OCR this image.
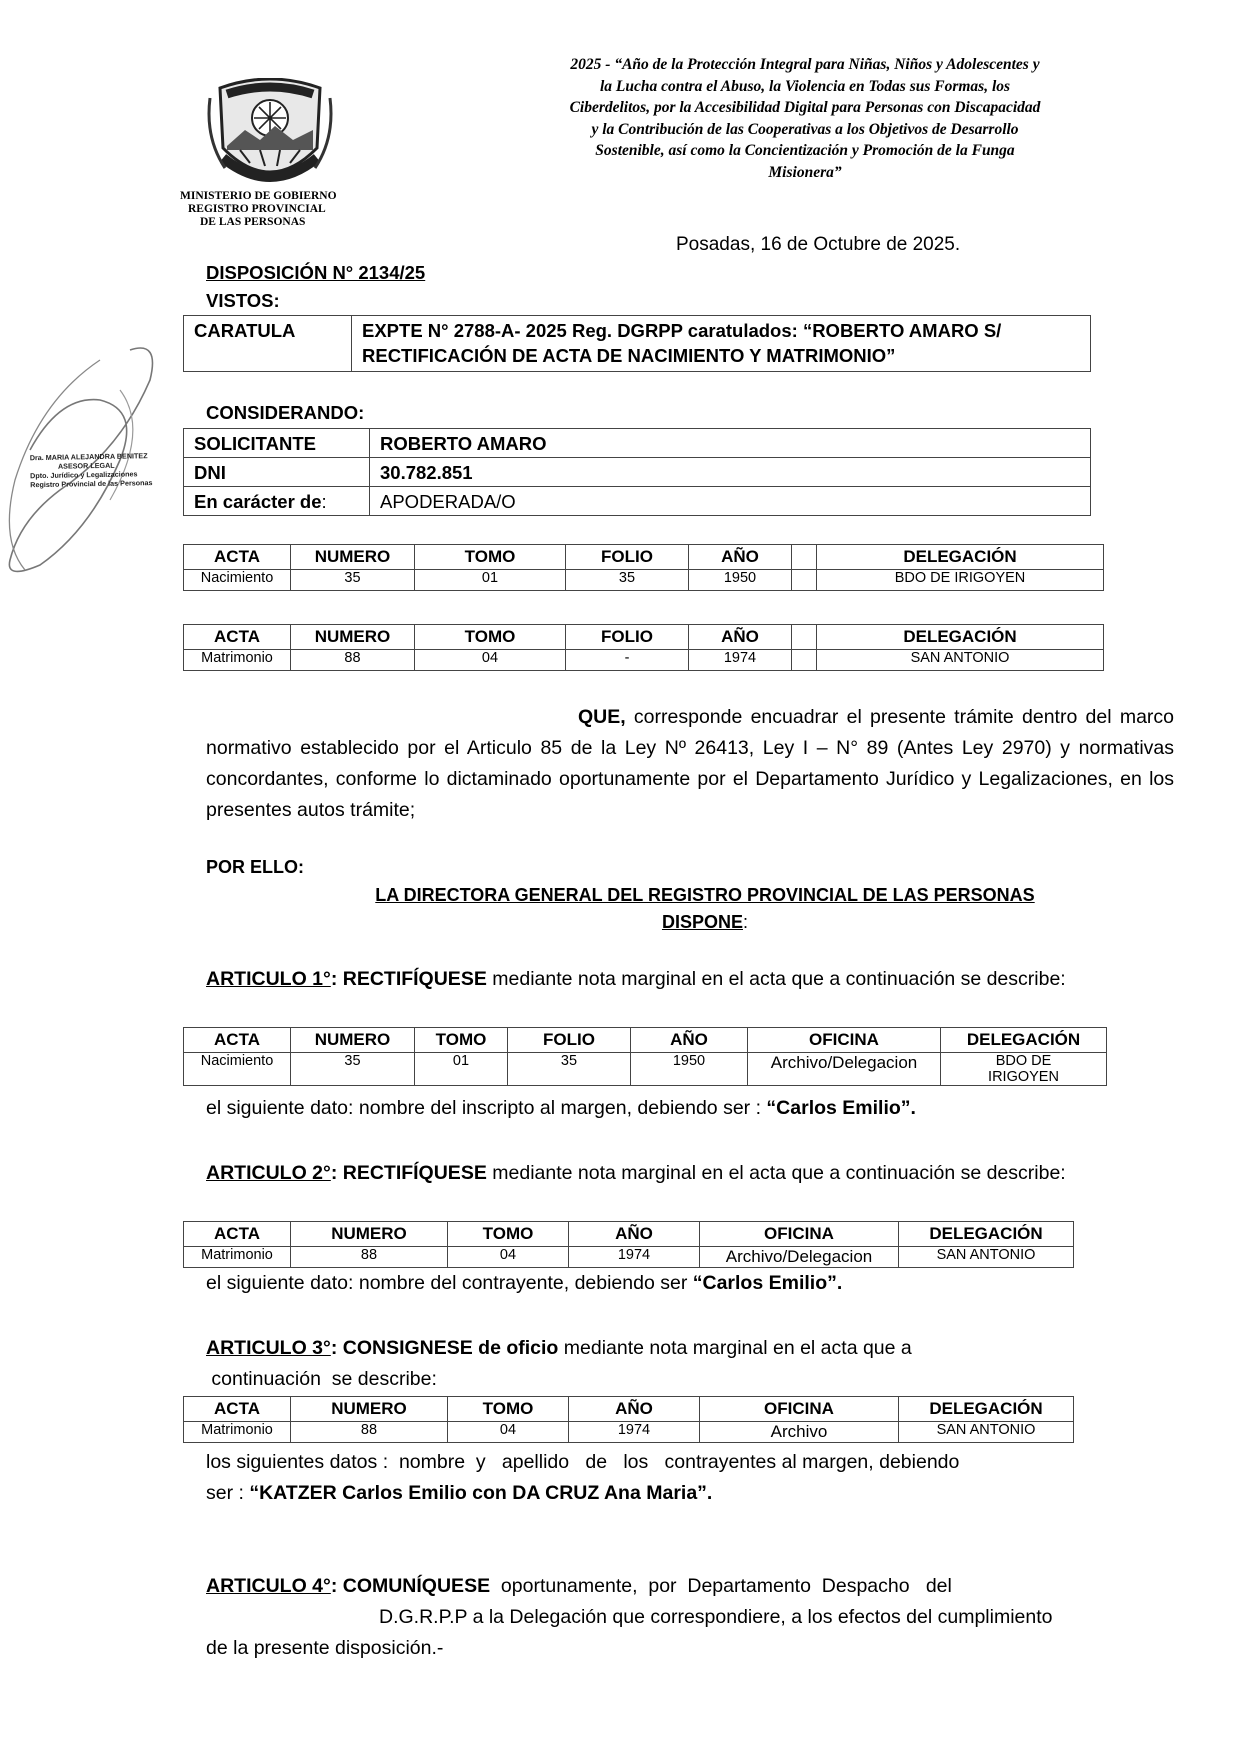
MINISTERIO DE GOBIERNO
REGISTRO PROVINCIAL
DE LAS PERSONAS
2025 - “Año de la Protección Integral para Niñas, Niños y Adolescentes y
la Lucha contra el Abuso, la Violencia en Todas sus Formas, los
Ciberdelitos, por la Accesibilidad Digital para Personas con Discapacidad
y la Contribución de las Cooperativas a los Objetivos de Desarrollo
Sostenible, así como la Concientización y Promoción de la Funga
Misionera”
Dra. MARIA ALEJANDRA BENITEZ
ASESOR LEGAL
Dpto. Jurídico y Legalizaciones
Registro Provincial de las Personas
Posadas, 16 de Octubre de 2025.
DISPOSICIÓN N° 2134/25
VISTOS:
CARATULA	EXPTE N° 2788-A- 2025 Reg. DGRPP caratulados: “ROBERTO AMARO S/ RECTIFICACIÓN DE ACTA DE NACIMIENTO Y MATRIMONIO”
CONSIDERANDO:
SOLICITANTE	ROBERTO AMARO
DNI	30.782.851
En carácter de:	APODERADA/O
ACTA	NUMERO	TOMO	FOLIO	AÑO		DELEGACIÓN
Nacimiento	35	01	35	1950		BDO DE IRIGOYEN
ACTA	NUMERO	TOMO	FOLIO	AÑO		DELEGACIÓN
Matrimonio	88	04	-	1974		SAN ANTONIO
QUE, corresponde encuadrar el presente trámite dentro del marco normativo establecido por el Articulo 85 de la Ley Nº 26413, Ley I – N° 89 (Antes Ley 2970) y normativas concordantes, conforme lo dictaminado oportunamente por el Departamento Jurídico y Legalizaciones, en los presentes autos trámite;
POR ELLO:
LA DIRECTORA GENERAL DEL REGISTRO PROVINCIAL DE LAS PERSONAS
DISPONE:
ARTICULO 1°: RECTIFÍQUESE mediante nota marginal en el acta que a continuación se describe:
ACTA	NUMERO	TOMO	FOLIO	AÑO	OFICINA	DELEGACIÓN
Nacimiento	35	01	35	1950	Archivo/Delegacion	BDO DE IRIGOYEN
el siguiente dato: nombre del inscripto al margen, debiendo ser : “Carlos Emilio”.
ARTICULO 2°: RECTIFÍQUESE mediante nota marginal en el acta que a continuación se describe:
ACTA	NUMERO	TOMO	AÑO	OFICINA	DELEGACIÓN
Matrimonio	88	04	1974	Archivo/Delegacion	SAN ANTONIO
el siguiente dato: nombre del contrayente, debiendo ser “Carlos Emilio”.
ARTICULO 3°: CONSIGNESE de oficio mediante nota marginal en el acta que a
continuación  se describe:
ACTA	NUMERO	TOMO	AÑO	OFICINA	DELEGACIÓN
Matrimonio	88	04	1974	Archivo	SAN ANTONIO
los siguientes datos :  nombre  y   apellido   de   los   contrayentes al margen, debiendo
ser : “KATZER Carlos Emilio con DA CRUZ Ana Maria”.
ARTICULO 4°: COMUNÍQUESE  oportunamente,  por  Departamento  Despacho   del
D.G.R.P.P a la Delegación que correspondiere, a los efectos del cumplimiento
de la presente disposición.-
